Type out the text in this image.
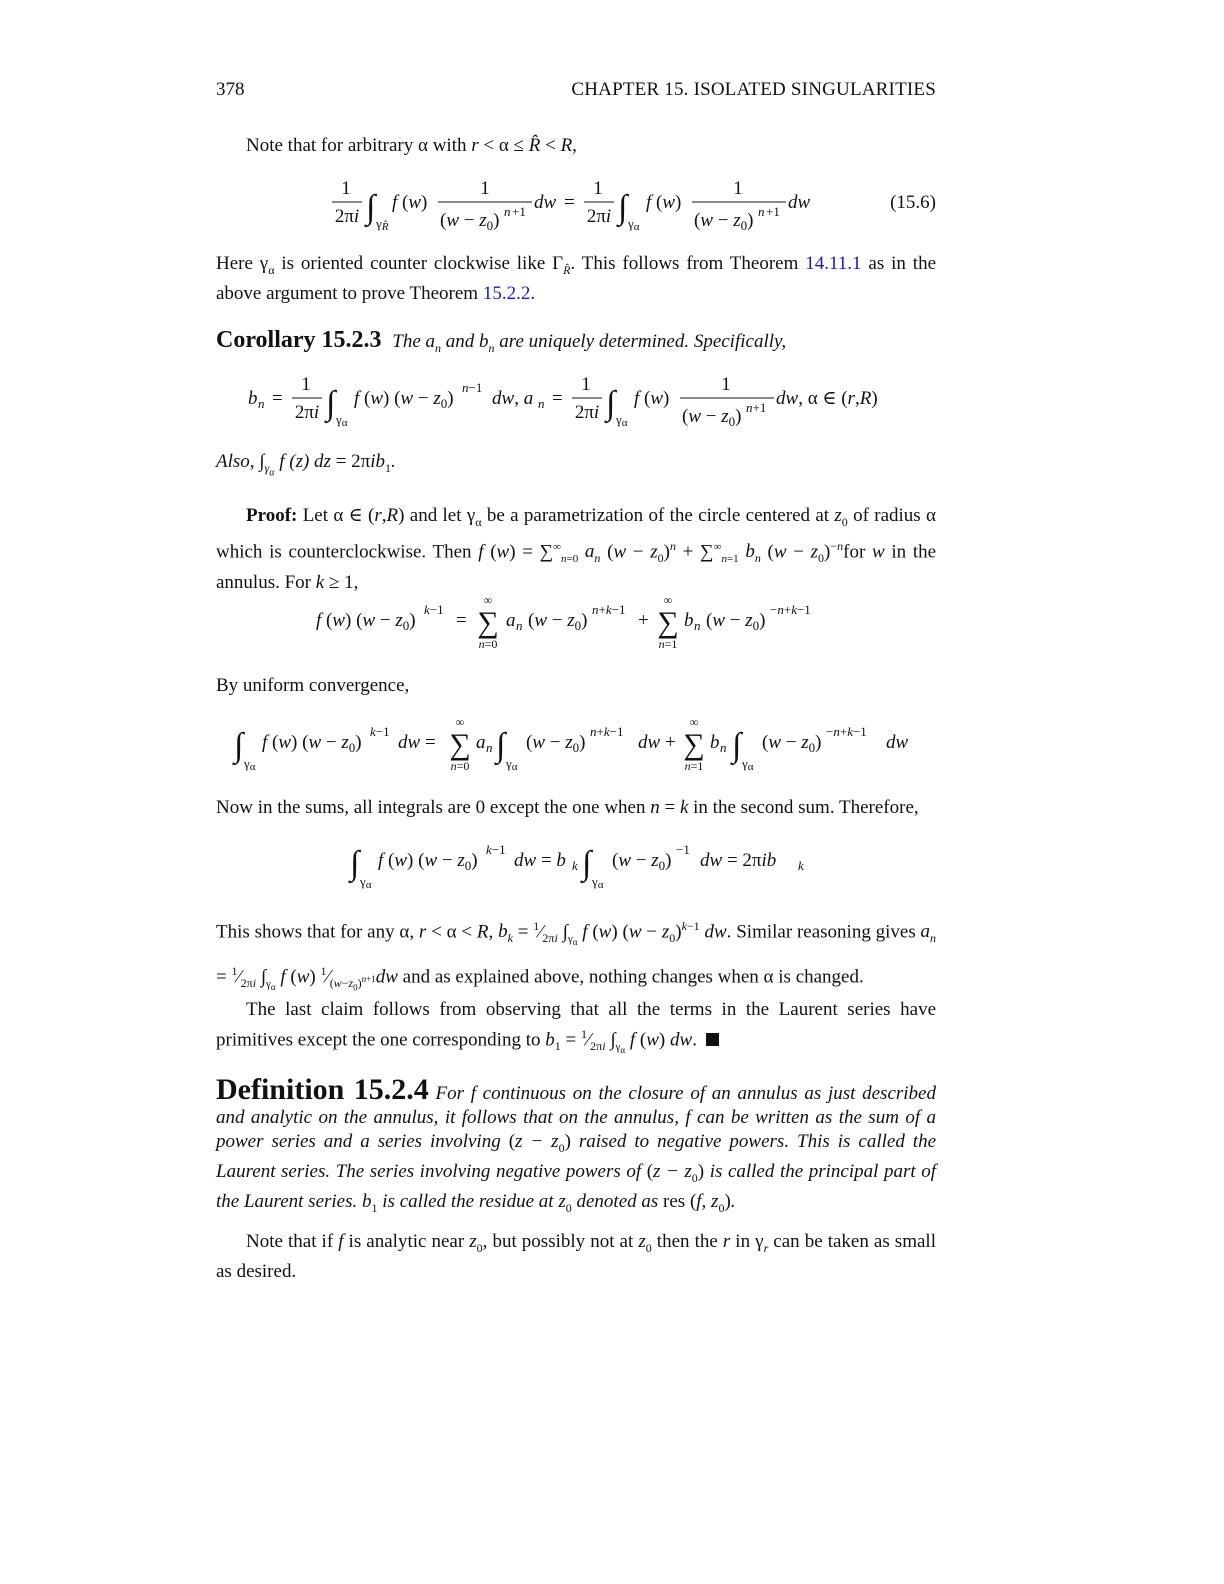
378	CHAPTER 15. ISOLATED SINGULARITIES
Note that for arbitrary α with r < α ≤ R̂ < R,
1
2πi ∫ γR̂
f (w)
1
$(w - z_0)$ n +1 dw =
1
2πi ∫ γα
f (w)
1
$(w - z_0)$ n +1 dw	(15.6)
Here $\gamma_\alpha$ is oriented counter clockwise like $\Gamma_{R̂}$. This follows from Theorem 14.11.1 as in the above argument to prove Theorem 15.2.2.
Corollary 15.2.3 The $a_n$ and $b_n$ are uniquely determined. Specifically,
b n =
1
2πi ∫ γα
f (w) $(w - z_0)$
n−1
dw, a n =
1
2πi ∫ γα
f (w)
1
$(w - z_0)$ n+1 dw, α ∈ (r,R)
Also, $\int_{\gamma_\alpha}$ f (z) dz = 2πib$_1$.
Proof: Let α ∈ (r,R) and let $\gamma_\alpha$ be a parametrization of the circle centered at $z_0$ of radius α which is counterclockwise. Then f $(w) = \sum^\infty_{n=0}$ $a_n$ $(w - z_0)^n + \sum^\infty_{n=1}$ $b_n$ $(w - z_0)^{-n}for$ w in the annulus. For k ≥ 1,
f (w) $(w - z_0)$
k−1
=
∞
∑
n=0
a n $(w - z_0)$
n+k−1
+
∞
∑
n=1
b n $(w - z_0)$
−n+k−1
By uniform convergence,
∫ γα
f (w) $(w - z_0)$
k−1
dw =
∞
∑
n=0
a n ∫ γα
$(w - z_0)$
n+k−1
dw +
∞
∑
n=1
b n ∫ γα
$(w - z_0)$
−n+k−1
dw
Now in the sums, all integrals are 0 except the one when n = k in the second sum. Therefore,
∫ γα
f (w) $(w - z_0)$
k−1
dw = b k ∫ γα
$(w - z_0)$
−1
dw = 2πib k
This shows that for any α, r < α < R, $b_k$ = $^1⁄_{2\pi i}$ $\int_{\gamma_\alpha}$ f (w) $(w - z_0)^{k-1}$ dw. Similar reasoning gives $a_n$ = $^1⁄_{2\pi i}$ $\int_{\gamma_\alpha}$ f (w) $^1⁄_{(w-z_0)^{n+1}}dw$ and as explained above, nothing changes when α is changed.
The last claim follows from observing that all the terms in the Laurent series have primitives except the one corresponding to $b_1$ = $^1⁄_{2\pi i}$ $\int_{\gamma_\alpha}$ f (w) dw.
Definition 15.2.4 For f continuous on the closure of an annulus as just described and analytic on the annulus, it follows that on the annulus, f can be written as the sum of a power series and a series involving $(z - z_0)$ raised to negative powers. This is called the Laurent series. The series involving negative powers of $(z - z_0)$ is called the principal part of the Laurent series. $b_1$ is called the residue at $z_0$ denoted as res (f, $z_0$).
Note that if f is analytic near $z_0$, but possibly not at $z_0$ then the r in $\gamma_r$ can be taken as small as desired.
